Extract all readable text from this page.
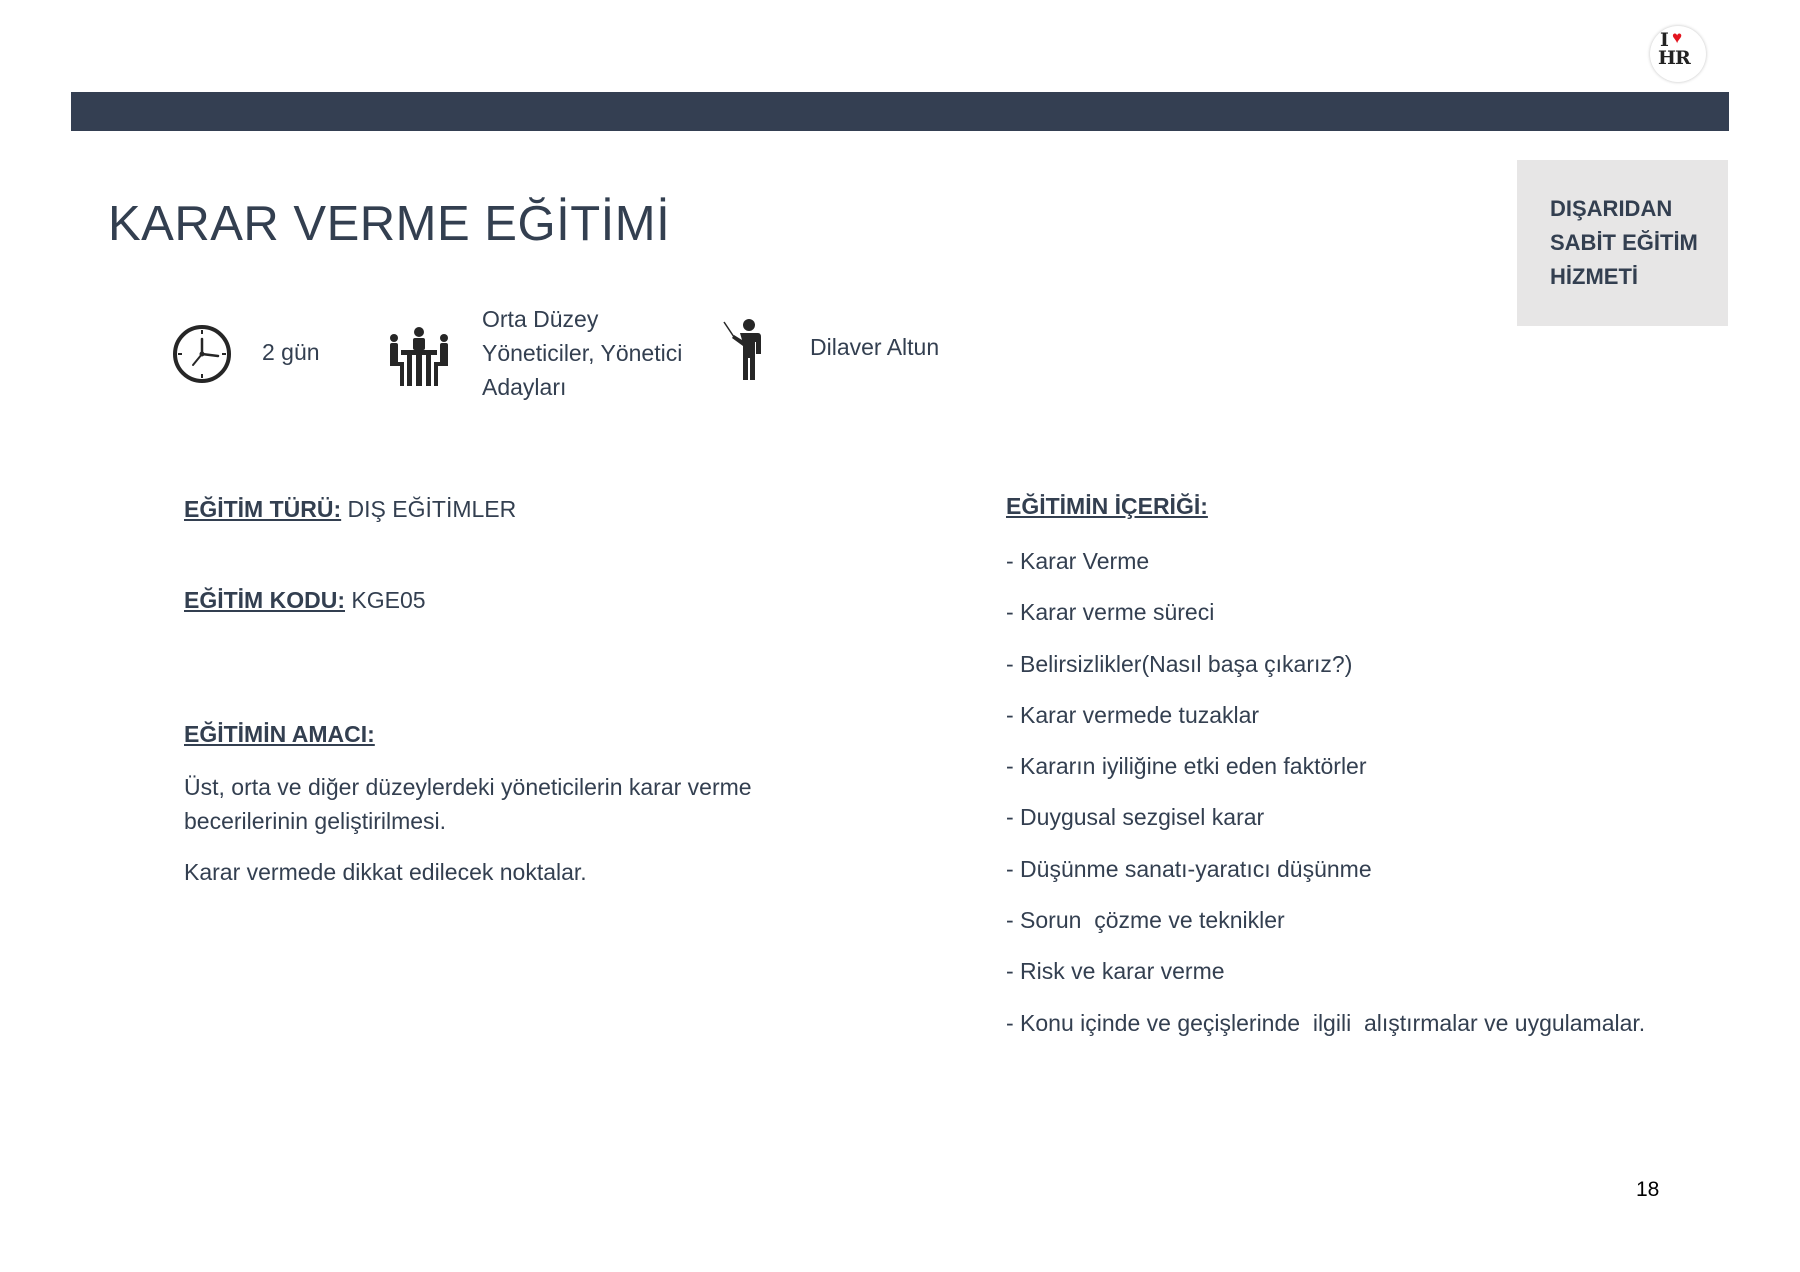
I ♥
HR
DIŞARIDAN
SABİT EĞİTİM
HİZMETİ
KARAR VERME EĞİTİMİ
2 gün
Orta Düzey
Yöneticiler, Yönetici
Adayları
Dilaver Altun
EĞİTİM TÜRÜ: DIŞ EĞİTİMLER
EĞİTİM KODU: KGE05
EĞİTİMİN AMACI:

Üst, orta ve diğer düzeylerdeki yöneticilerin karar verme becerilerinin geliştirilmesi.

Karar vermede dikkat edilecek noktalar.

EĞİTİMİN İÇERİĞİ:
- Karar Verme
- Karar verme süreci
- Belirsizlikler(Nasıl başa çıkarız?)
- Karar vermede tuzaklar
- Kararın iyiliğine etki eden faktörler
- Duygusal sezgisel karar
- Düşünme sanatı-yaratıcı düşünme
- Sorun  çözme ve teknikler
- Risk ve karar verme
- Konu içinde ve geçişlerinde  ilgili  alıştırmalar ve uygulamalar.
18
